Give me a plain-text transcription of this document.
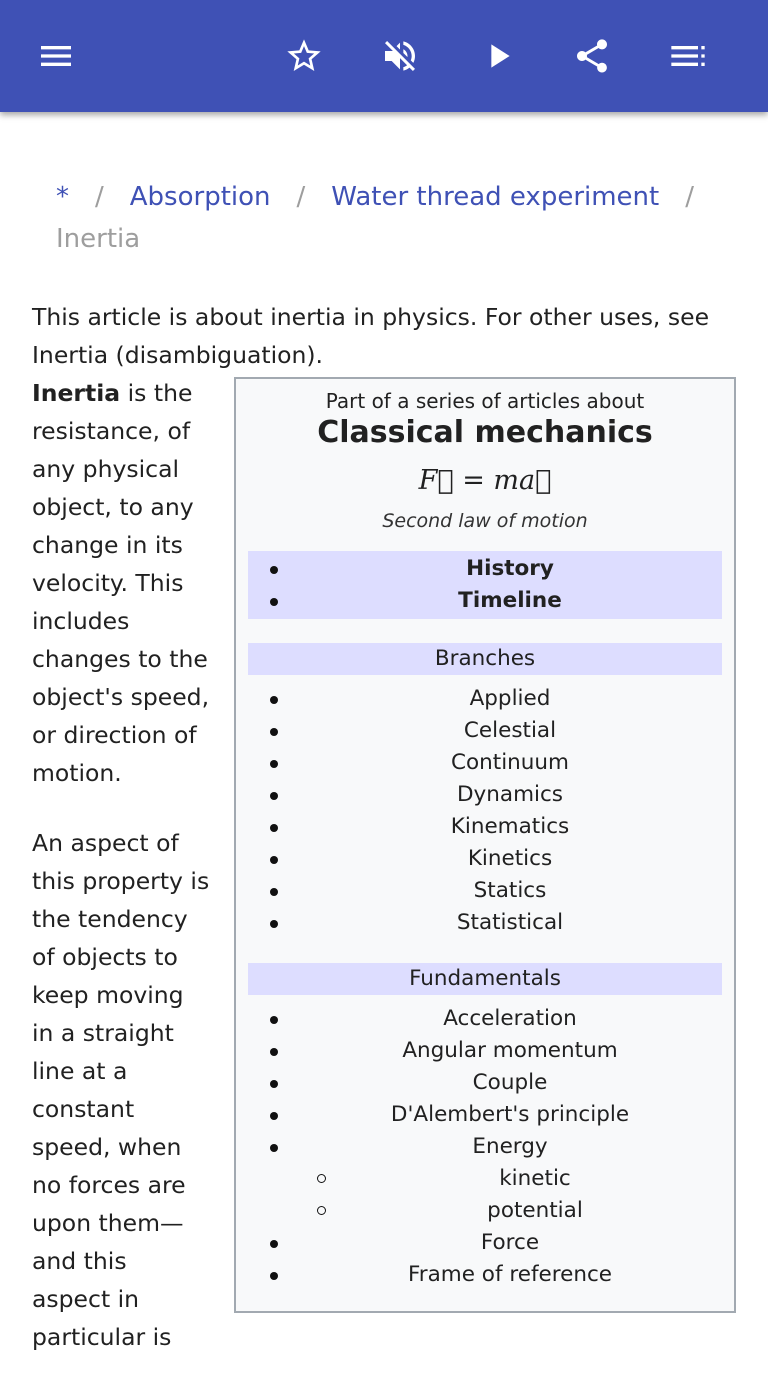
* / Absorption / Water thread experiment /
Inertia

This article is about inertia in physics. For other uses, see Inertia (disambiguation).

Part of a series of articles about
Classical mechanics
F⃗ = ma⃗
Second law of motion
History
Timeline
Branches
Applied
Celestial
Continuum
Dynamics
Kinematics
Kinetics
Statics
Statistical
Fundamentals
Acceleration
Angular momentum
Couple
D'Alembert's principle
Energy
kinetic
potential
Force
Frame of reference

Inertia is the resistance, of any physical object, to any change in its velocity. This includes changes to the object's speed, or direction of motion.

An aspect of this property is the tendency of objects to keep moving in a straight line at a constant speed, when no forces are upon them—and this aspect in particular is
